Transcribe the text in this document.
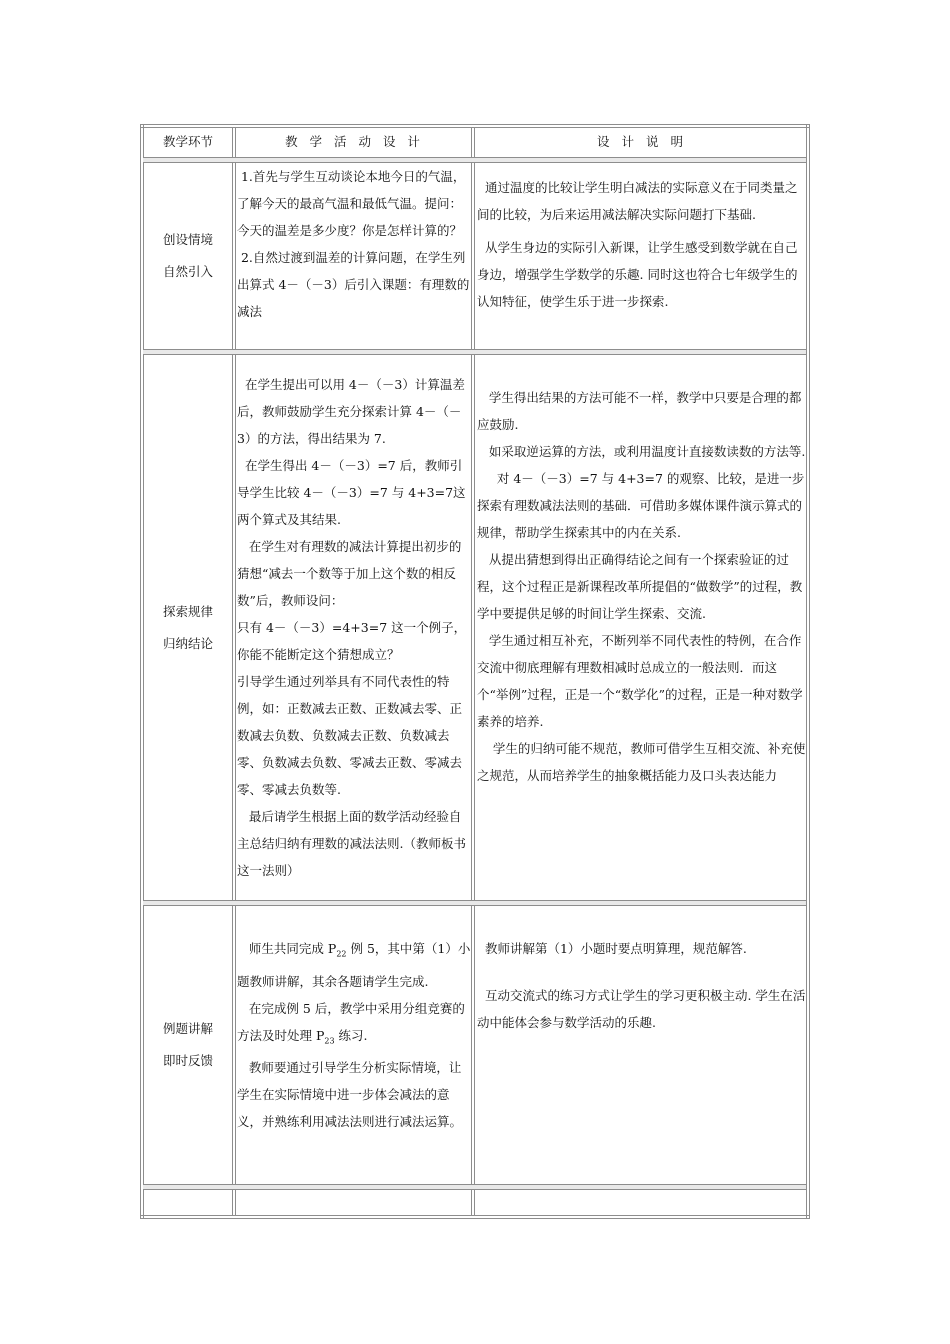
教学环节	教 学 活 动 设 计	设 计 说 明
创设情境
自然引入

1.首先与学生互动谈论本地今日的气温，了解今天的最高气温和最低气温。提问：今天的温差是多少度？你是怎样计算的？

2.自然过渡到温差的计算问题，在学生列出算式 4－（－3）后引入课题：有理数的减法

通过温度的比较让学生明白减法的实际意义在于同类量之间的比较，为后来运用减法解决实际问题打下基础.

从学生身边的实际引入新课，让学生感受到数学就在自己身边，增强学生学数学的乐趣. 同时这也符合七年级学生的认知特征，使学生乐于进一步探索.

探索规律
归纳结论

在学生提出可以用 4－（－3）计算温差后，教师鼓励学生充分探索计算 4－（－3）的方法，得出结果为 7.

在学生得出 4－（－3）=7 后，教师引导学生比较 4－（－3）=7 与 4+3=7这两个算式及其结果.

在学生对有理数的减法计算提出初步的猜想“减去一个数等于加上这个数的相反数”后，教师设问：

只有 4－（－3）=4+3=7 这一个例子，你能不能断定这个猜想成立？

引导学生通过列举具有不同代表性的特例，如：正数减去正数、正数减去零、正数减去负数、负数减去正数、负数减去零、负数减去负数、零减去正数、零减去零、零减去负数等.

最后请学生根据上面的数学活动经验自主总结归纳有理数的减法法则.（教师板书这一法则）

学生得出结果的方法可能不一样，教学中只要是合理的都应鼓励.

如采取逆运算的方法，或利用温度计直接数读数的方法等.

对 4－（－3）=7 与 4+3=7 的观察、比较，是进一步探索有理数减法法则的基础．可借助多媒体课件演示算式的规律，帮助学生探索其中的内在关系.

从提出猜想到得出正确得结论之间有一个探索验证的过程，这个过程正是新课程改革所提倡的“做数学”的过程，教学中要提供足够的时间让学生探索、交流.

学生通过相互补充，不断列举不同代表性的特例，在合作交流中彻底理解有理数相减时总成立的一般法则．而这个“举例”过程，正是一个“数学化”的过程，正是一种对数学素养的培养.

学生的归纳可能不规范，教师可借学生互相交流、补充使之规范，从而培养学生的抽象概括能力及口头表达能力

例题讲解
即时反馈

师生共同完成 $P_{22}$ 例 5，其中第（1）小题教师讲解，其余各题请学生完成.

在完成例 5 后，教学中采用分组竞赛的方法及时处理 $P_{23}$ 练习.

教师要通过引导学生分析实际情境，让学生在实际情境中进一步体会减法的意义，并熟练利用减法法则进行减法运算。

教师讲解第（1）小题时要点明算理，规范解答.

互动交流式的练习方式让学生的学习更积极主动. 学生在活动中能体会参与数学活动的乐趣.
